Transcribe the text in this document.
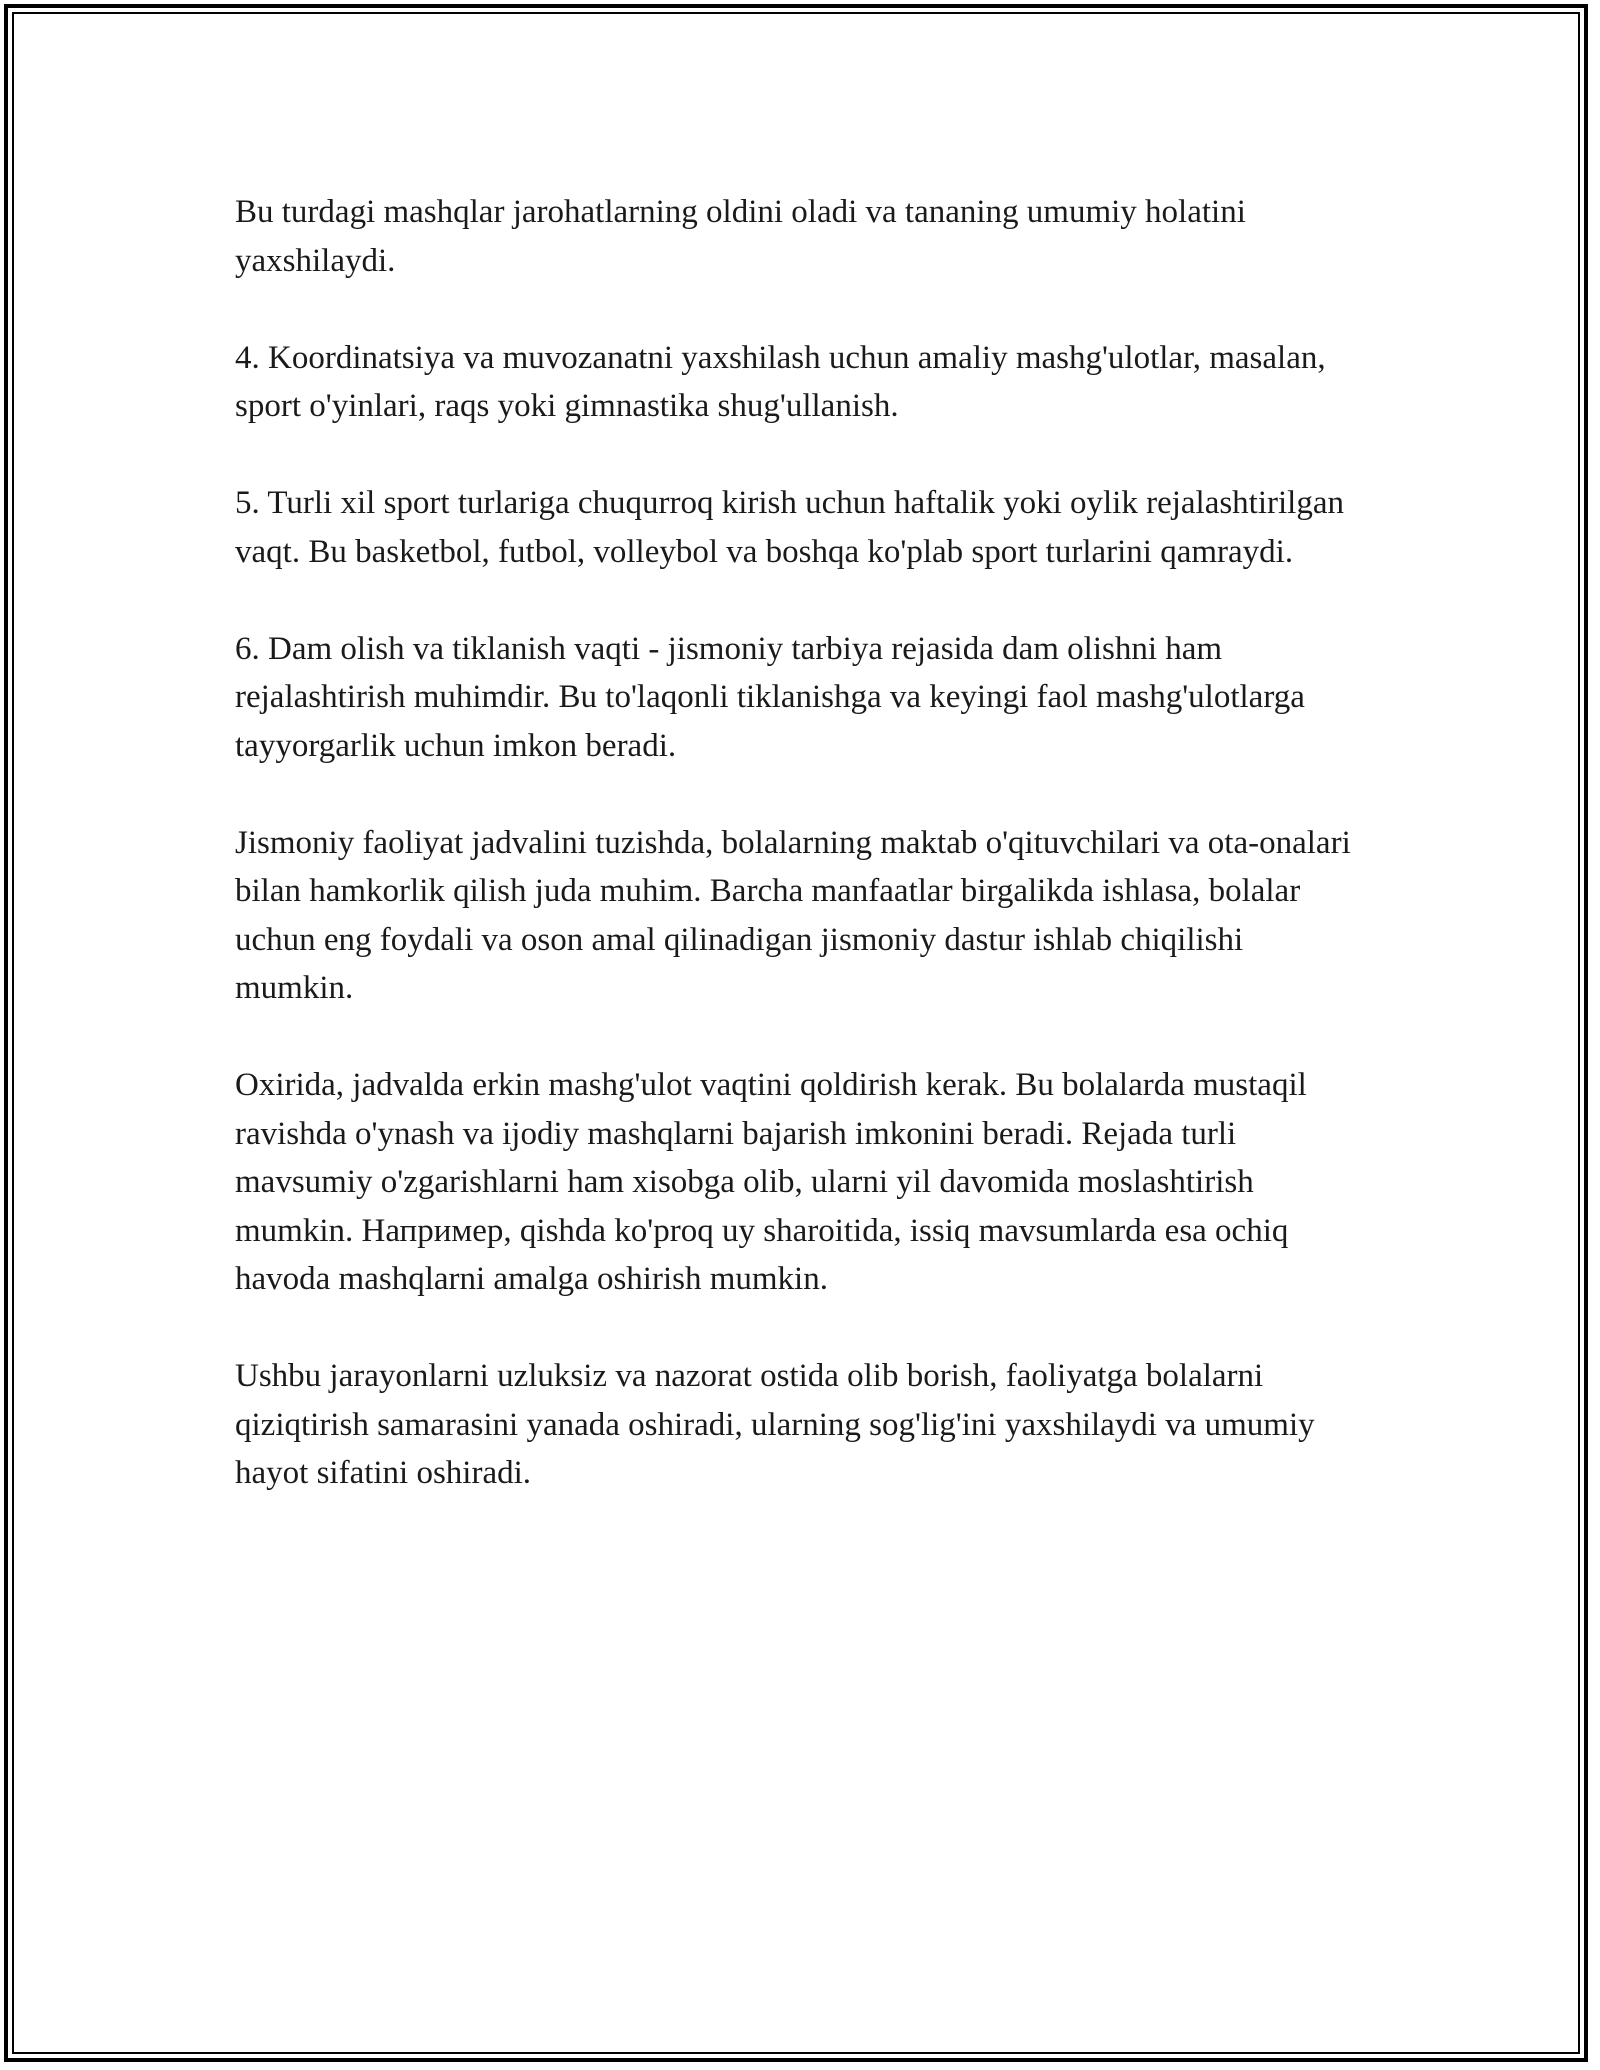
Bu turdagi mashqlar jarohatlarning oldini oladi va tananing umumiy holatini yaxshilaydi.

4. Koordinatsiya va muvozanatni yaxshilash uchun amaliy mashg'ulotlar, masalan, sport o'yinlari, raqs yoki gimnastika shug'ullanish.

5. Turli xil sport turlariga chuqurroq kirish uchun haftalik yoki oylik rejalashtirilgan vaqt. Bu basketbol, futbol, volleybol va boshqa ko'plab sport turlarini qamraydi.

6. Dam olish va tiklanish vaqti - jismoniy tarbiya rejasida dam olishni ham rejalashtirish muhimdir. Bu to'laqonli tiklanishga va keyingi faol mashg'ulotlarga tayyorgarlik uchun imkon beradi.

Jismoniy faoliyat jadvalini tuzishda, bolalarning maktab o'qituvchilari va ota-onalari bilan hamkorlik qilish juda muhim. Barcha manfaatlar birgalikda ishlasa, bolalar uchun eng foydali va oson amal qilinadigan jismoniy dastur ishlab chiqilishi mumkin.

Oxirida, jadvalda erkin mashg'ulot vaqtini qoldirish kerak. Bu bolalarda mustaqil ravishda o'ynash va ijodiy mashqlarni bajarish imkonini beradi. Rejada turli mavsumiy o'zgarishlarni ham xisobga olib, ularni yil davomida moslashtirish mumkin. Например, qishda ko'proq uy sharoitida, issiq mavsumlarda esa ochiq havoda mashqlarni amalga oshirish mumkin.

Ushbu jarayonlarni uzluksiz va nazorat ostida olib borish, faoliyatga bolalarni qiziqtirish samarasini yanada oshiradi, ularning sog'lig'ini yaxshilaydi va umumiy hayot sifatini oshiradi.
